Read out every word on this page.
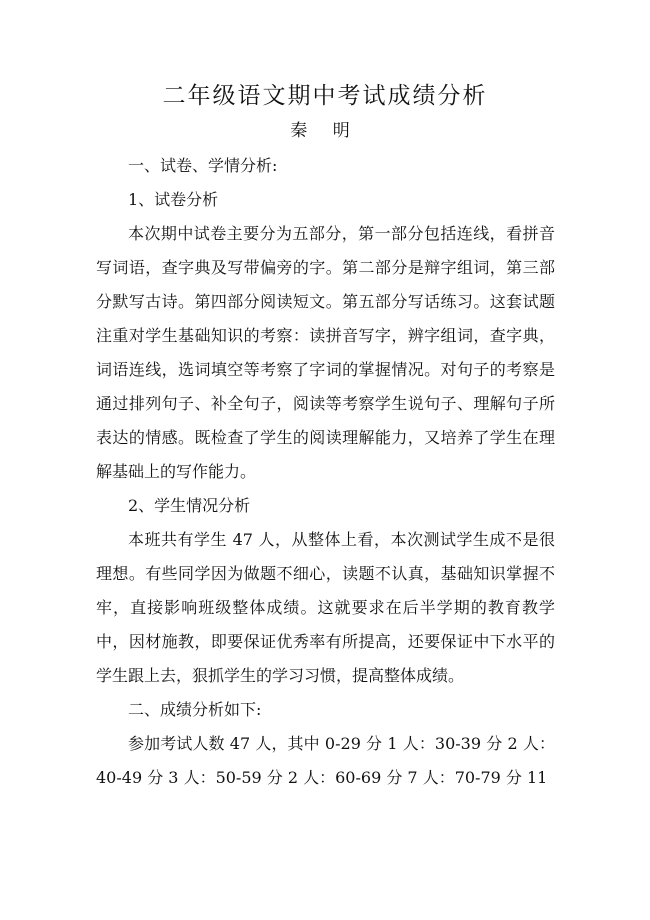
二年级语文期中考试成绩分析
秦 明

一、试卷、学情分析:

1、试卷分析

本次期中试卷主要分为五部分，第一部分包括连线，看拼音写词语，查字典及写带偏旁的字。第二部分是辩字组词，第三部分默写古诗。第四部分阅读短文。第五部分写话练习。这套试题注重对学生基础知识的考察：读拼音写字，辨字组词，查字典，词语连线，选词填空等考察了字词的掌握情况。对句子的考察是通过排列句子、补全句子，阅读等考察学生说句子、理解句子所表达的情感。既检查了学生的阅读理解能力，又培养了学生在理解基础上的写作能力。

2、学生情况分析

本班共有学生 47 人，从整体上看，本次测试学生成不是很理想。有些同学因为做题不细心，读题不认真，基础知识掌握不牢，直接影响班级整体成绩。这就要求在后半学期的教育教学中，因材施教，即要保证优秀率有所提高，还要保证中下水平的学生跟上去，狠抓学生的学习习惯，提高整体成绩。

二、成绩分析如下:

参加考试人数 47 人，其中 0-29 分 1 人：30-39 分 2 人：40-49 分 3 人：50-59 分 2 人：60-69 分 7 人：70-79 分 11
